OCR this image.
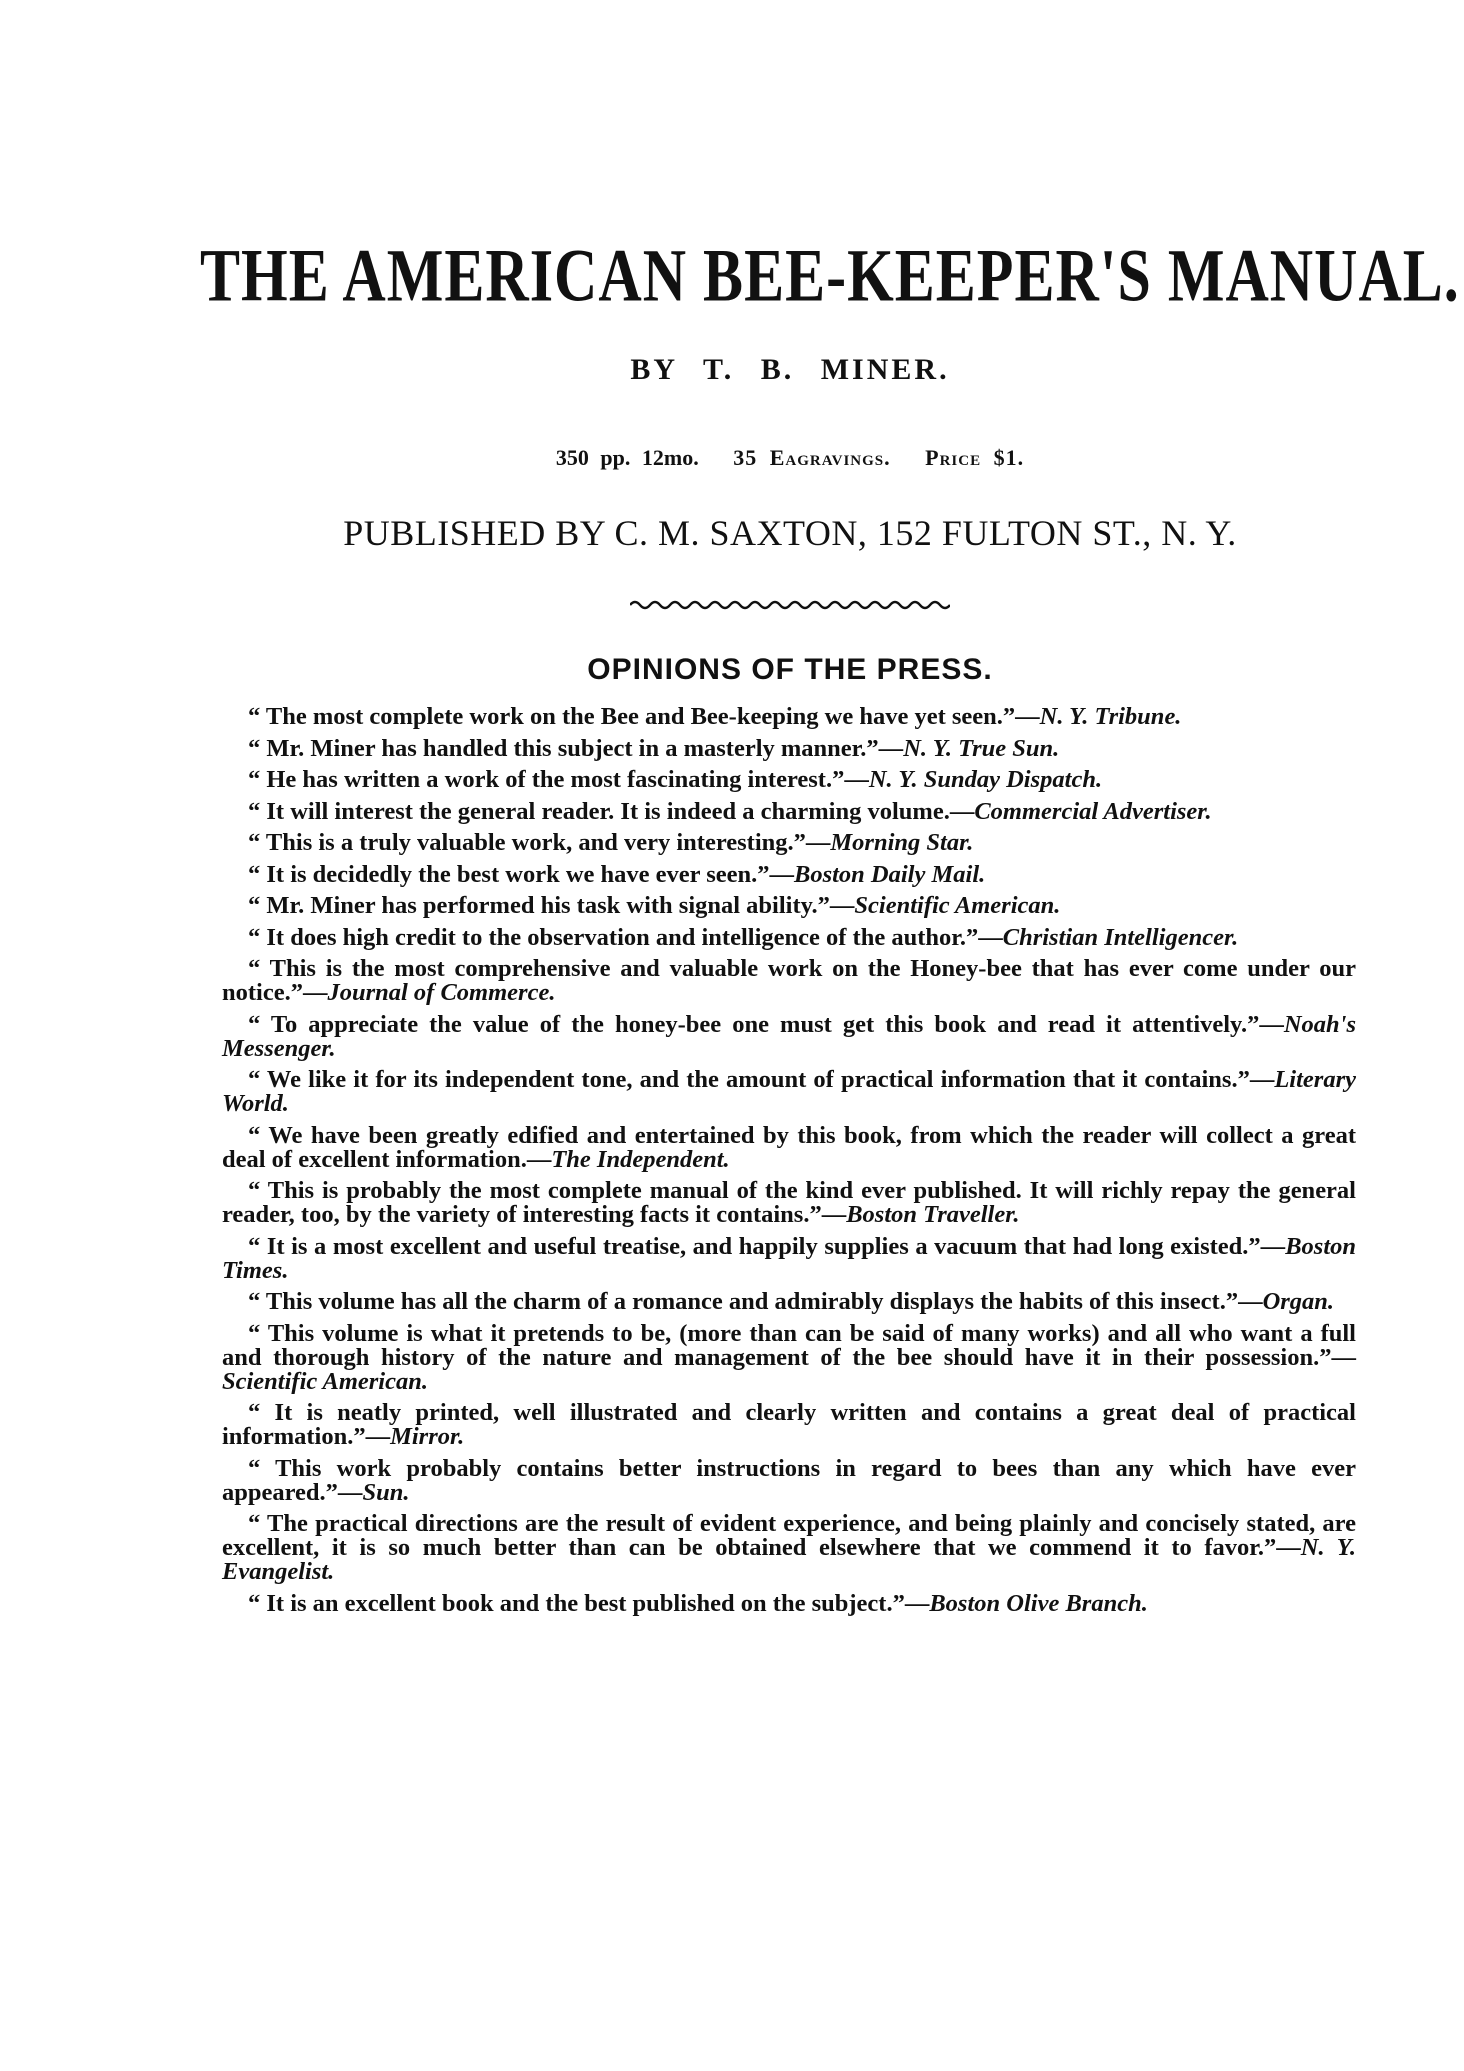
THE AMERICAN BEE-KEEPER'S MANUAL.
BY T. B. MINER.
350 pp. 12mo. 35 Eagravings. Price $1.
PUBLISHED BY C. M. SAXTON, 152 FULTON ST., N. Y.
OPINIONS OF THE PRESS.
“ The most complete work on the Bee and Bee-keeping we have yet seen.”—N. Y. Tribune.
“ Mr. Miner has handled this subject in a masterly manner.”—N. Y. True Sun.
“ He has written a work of the most fascinating interest.”—N. Y. Sunday Dispatch.
“ It will interest the general reader. It is indeed a charming volume.—Commercial Advertiser.
“ This is a truly valuable work, and very interesting.”—Morning Star.
“ It is decidedly the best work we have ever seen.”—Boston Daily Mail.
“ Mr. Miner has performed his task with signal ability.”—Scientific American.
“ It does high credit to the observation and intelligence of the author.”—Christian Intelligencer.
“ This is the most comprehensive and valuable work on the Honey-bee that has ever come under our notice.”—Journal of Commerce.
“ To appreciate the value of the honey-bee one must get this book and read it attentively.”—Noah's Messenger.
“ We like it for its independent tone, and the amount of practical information that it contains.”—Literary World.
“ We have been greatly edified and entertained by this book, from which the reader will collect a great deal of excellent information.—The Independent.
“ This is probably the most complete manual of the kind ever published. It will richly repay the general reader, too, by the variety of interesting facts it contains.”—Boston Traveller.
“ It is a most excellent and useful treatise, and happily supplies a vacuum that had long existed.”—Boston Times.
“ This volume has all the charm of a romance and admirably displays the habits of this insect.”—Organ.
“ This volume is what it pretends to be, (more than can be said of many works) and all who want a full and thorough history of the nature and management of the bee should have it in their possession.”—Scientific American.
“ It is neatly printed, well illustrated and clearly written and contains a great deal of practical information.”—Mirror.
“ This work probably contains better instructions in regard to bees than any which have ever appeared.”—Sun.
“ The practical directions are the result of evident experience, and being plainly and concisely stated, are excellent, it is so much better than can be obtained elsewhere that we commend it to favor.”—N. Y. Evangelist.
“ It is an excellent book and the best published on the subject.”—Boston Olive Branch.
